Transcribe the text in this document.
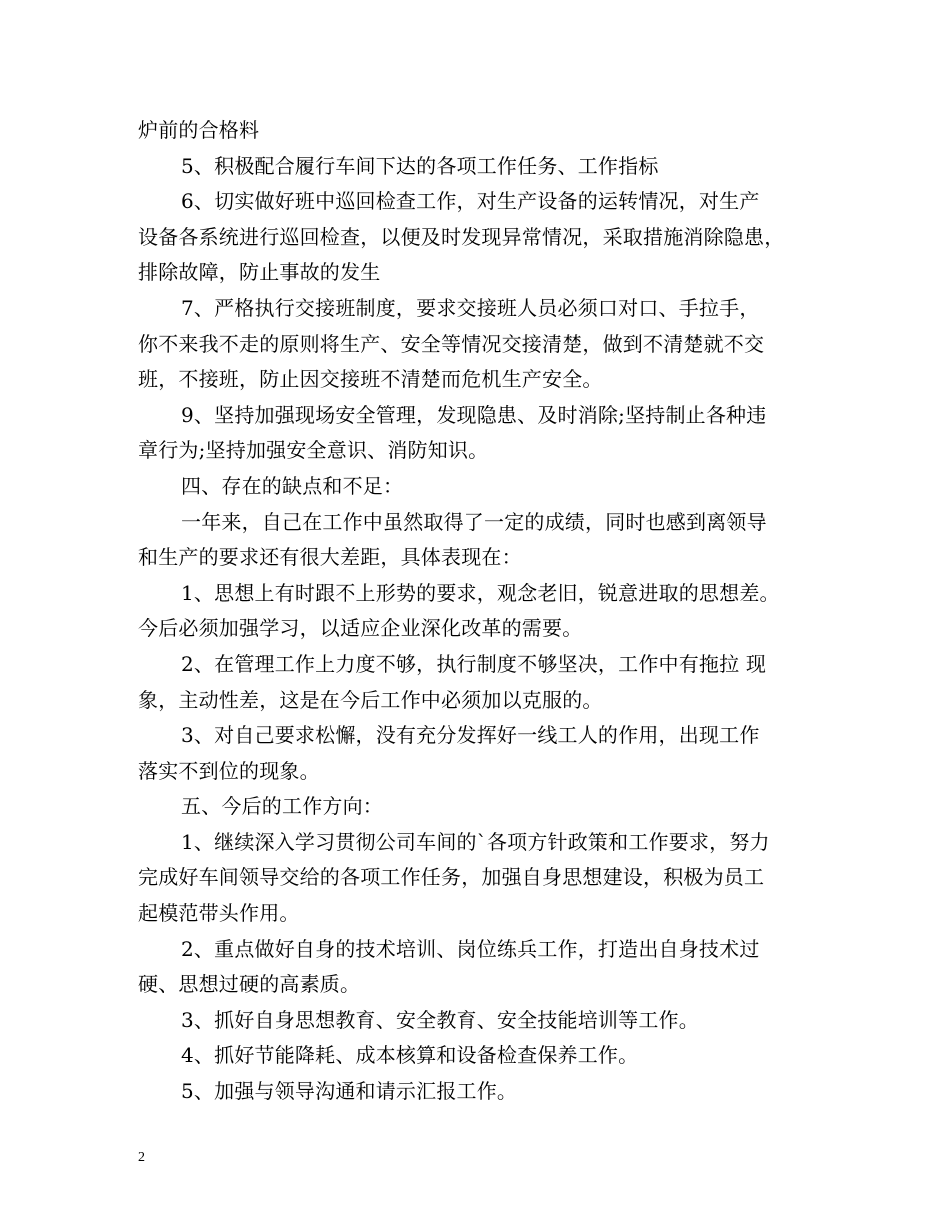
炉前的合格料

5、积极配合履行车间下达的各项工作任务、工作指标

6、切实做好班中巡回检查工作，对生产设备的运转情况，对生产

设备各系统进行巡回检查，以便及时发现异常情况，采取措施消除隐患，

排除故障，防止事故的发生

7、严格执行交接班制度，要求交接班人员必须口对口、手拉手，

你不来我不走的原则将生产、安全等情况交接清楚，做到不清楚就不交

班，不接班，防止因交接班不清楚而危机生产安全。

9、坚持加强现场安全管理，发现隐患、及时消除;坚持制止各种违

章行为;坚持加强安全意识、消防知识。

四、存在的缺点和不足：

一年来，自己在工作中虽然取得了一定的成绩，同时也感到离领导

和生产的要求还有很大差距，具体表现在：

1、思想上有时跟不上形势的要求，观念老旧，锐意进取的思想差。

今后必须加强学习，以适应企业深化改革的需要。

2、在管理工作上力度不够，执行制度不够坚决，工作中有拖拉 现

象，主动性差，这是在今后工作中必须加以克服的。

3、对自己要求松懈，没有充分发挥好一线工人的作用，出现工作

落实不到位的现象。

五、今后的工作方向：

1、继续深入学习贯彻公司车间的`各项方针政策和工作要求，努力

完成好车间领导交给的各项工作任务，加强自身思想建设，积极为员工

起模范带头作用。

2、重点做好自身的技术培训、岗位练兵工作，打造出自身技术过

硬、思想过硬的高素质。

3、抓好自身思想教育、安全教育、安全技能培训等工作。

4、抓好节能降耗、成本核算和设备检查保养工作。

5、加强与领导沟通和请示汇报工作。

2
